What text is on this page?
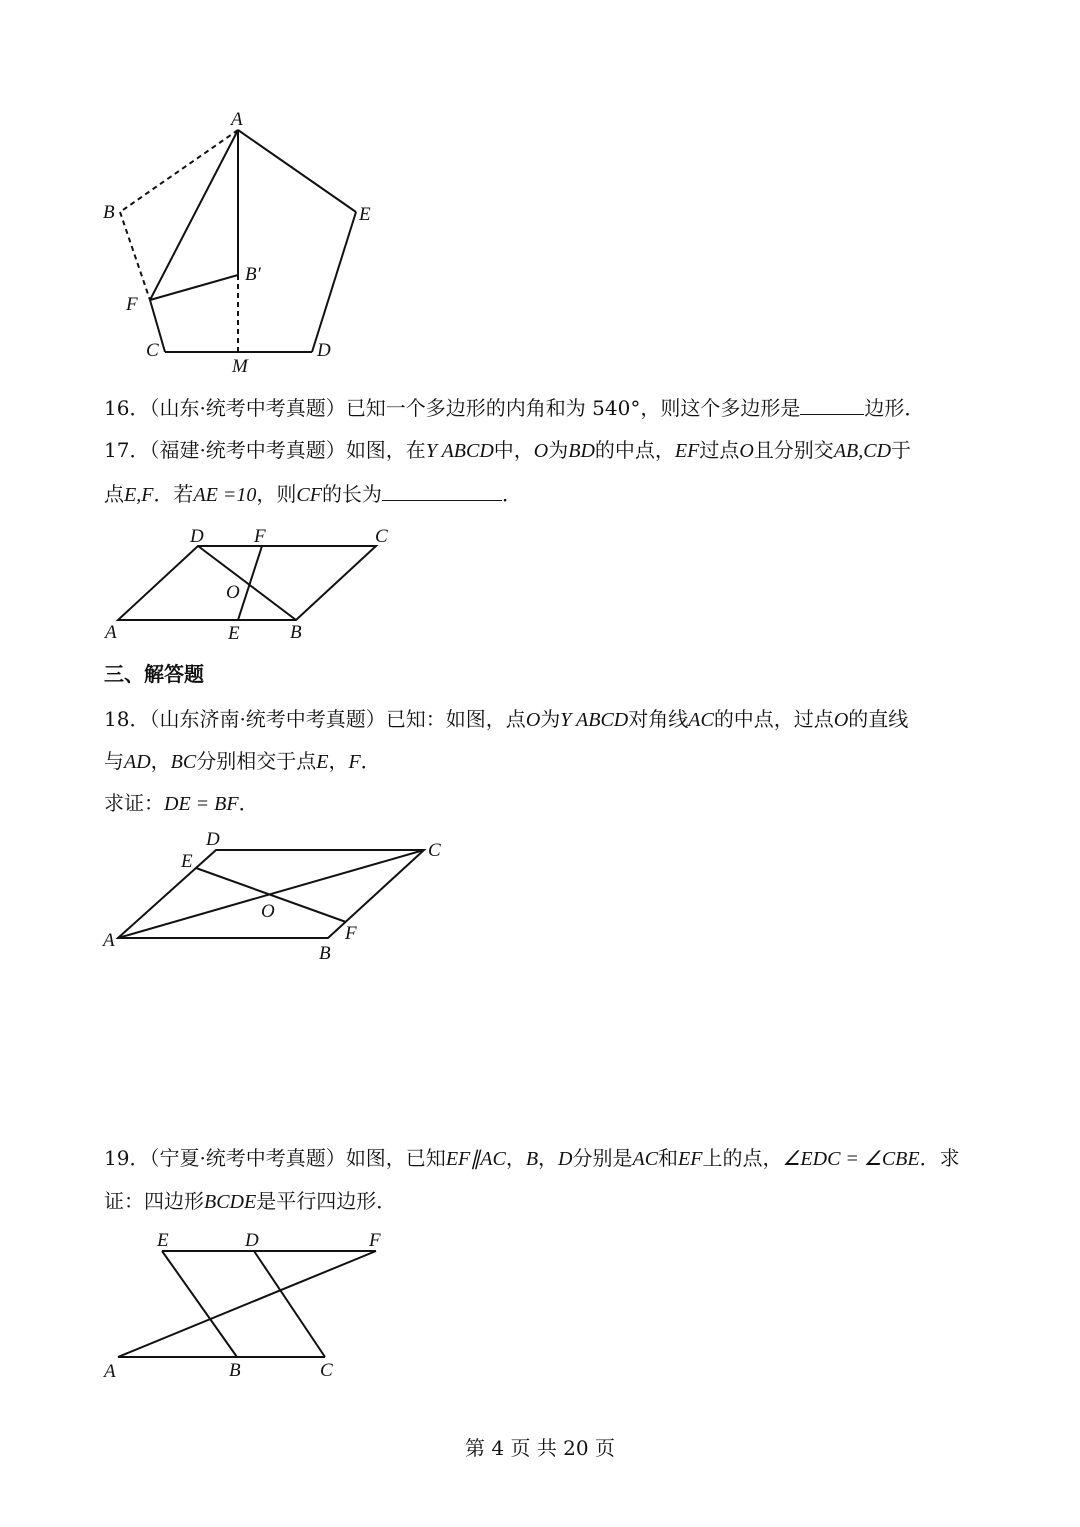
A
B	E
B′
F
C
M
D
16．（山东·统考中考真题）已知一个多边形的内角和为 540°，则这个多边形是	边形．
17．（福建·统考中考真题）如图，在Y ABCD中，O为BD的中点，EF过点O且分别交AB,CD于
点E,F．若AE =10，则CF的长为	．
D	F	C
O
A	E	B
三、解答题
18．（山东济南·统考中考真题）已知：如图，点O为Y ABCD对角线AC的中点，过点O的直线
与AD，BC分别相交于点E，F．
求证：DE = BF．
D
E
C
O
A	F
B
19．（宁夏·统考中考真题）如图，已知EF∥AC，B，D分别是AC和EF上的点，∠EDC = ∠CBE．求
证：四边形BCDE是平行四边形．
E	D	F
A	B	C
第 4 页 共 20 页
